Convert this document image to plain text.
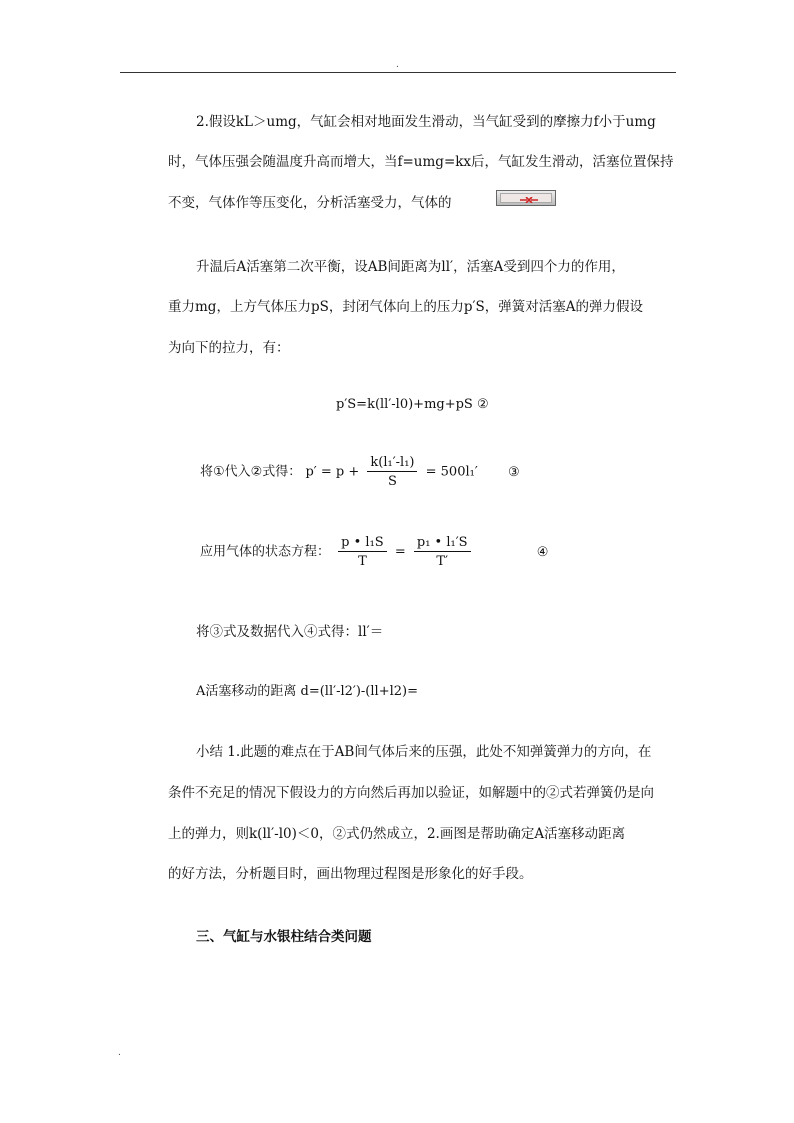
.
2.假设kL＞umg，气缸会相对地面发生滑动，当气缸受到的摩擦力f小于umg
时，气体压强会随温度升高而增大，当f=umg=kx后，气缸发生滑动，活塞位置保持
不变，气体作等压变化，分析活塞受力，气体的
升温后A活塞第二次平衡，设AB间距离为ll′，活塞A受到四个力的作用，
重力mg，上方气体压力pS，封闭气体向上的压力p′S，弹簧对活塞A的弹力假设
为向下的拉力，有：
p′S=k(ll′-l0)+mg+pS ②
将①代入②式得： $p' = p + \frac{\text{k(l₁′-l₁)}}{S} = 500l_1'$ ③
应用气体的状态方程： $\frac{\text{p • l₁S}}{T} = \frac{\text{p₁ • l₁′S}}{T'}$	④
将③式及数据代入④式得：ll′＝
A活塞移动的距离 d=(ll′-l2′)-(ll+l2)=
小结 1.此题的难点在于AB间气体后来的压强，此处不知弹簧弹力的方向，在
条件不充足的情况下假设力的方向然后再加以验证，如解题中的②式若弹簧仍是向
上的弹力，则k(ll′-l0)＜0，②式仍然成立，2.画图是帮助确定A活塞移动距离
的好方法，分析题目时，画出物理过程图是形象化的好手段。
三、气缸与水银柱结合类问题
.
